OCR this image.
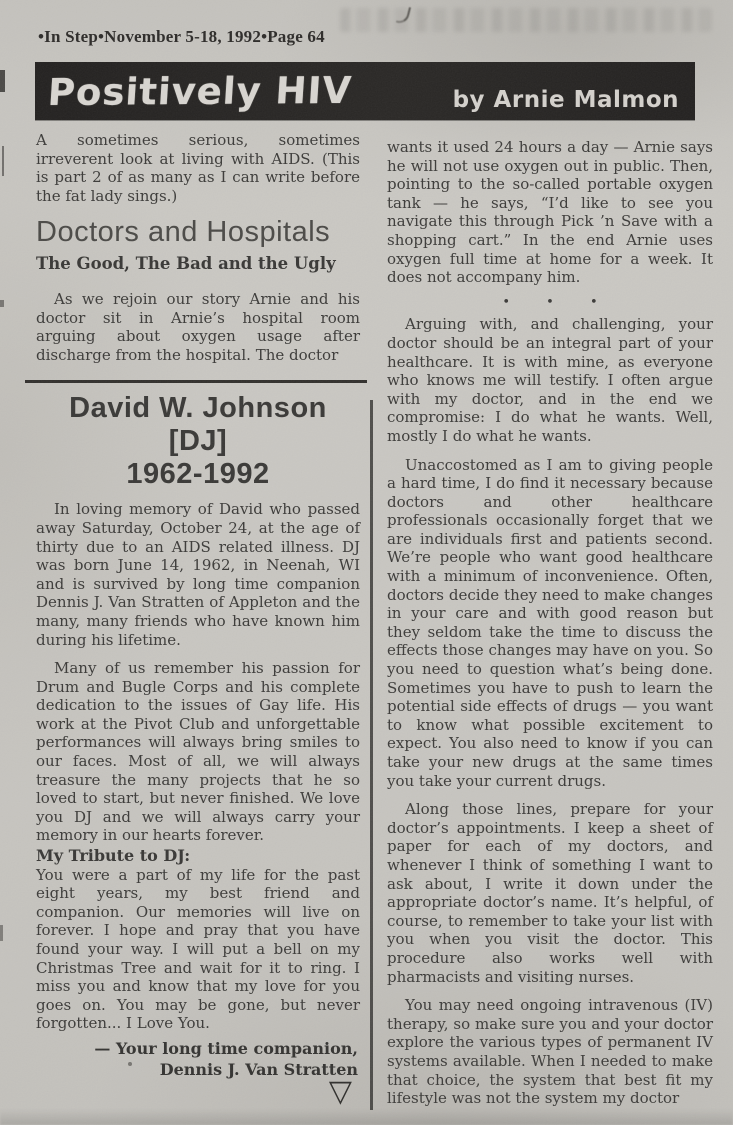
•In Step•November 5-18, 1992•Page 64
Positively HIV	by Arnie Malmon

A sometimes serious, sometimes irreverent look at living with AIDS. (This is part 2 of as many as I can write before the fat lady sings.)

Doctors and Hospitals
The Good, The Bad and the Ugly

As we rejoin our story Arnie and his doctor sit in Arnie’s hospital room arguing about oxygen usage after discharge from the hospital. The doctor

David W. Johnson
[DJ]
1962-1992

In loving memory of David who passed away Saturday, October 24, at the age of thirty due to an AIDS related illness. DJ was born June 14, 1962, in Neenah, WI and is survived by long time companion Dennis J. Van Stratten of Appleton and the many, many friends who have known him during his lifetime.

Many of us remember his passion for Drum and Bugle Corps and his complete dedication to the issues of Gay life. His work at the Pivot Club and unforgettable performances will always bring smiles to our faces. Most of all, we will always treasure the many projects that he so loved to start, but never finished. We love you DJ and we will always carry your memory in our hearts forever.

My Tribute to DJ:

You were a part of my life for the past eight years, my best friend and companion. Our memories will live on forever. I hope and pray that you have found your way. I will put a bell on my Christmas Tree and wait for it to ring. I miss you and know that my love for you goes on. You may be gone, but never forgotten... I Love You.

— Your long time companion,
Dennis J. Van Stratten
▽

wants it used 24 hours a day — Arnie says he will not use oxygen out in public. Then, pointing to the so-called portable oxygen tank — he says, “I’d like to see you navigate this through Pick ’n Save with a shopping cart.” In the end Arnie uses oxygen full time at home for a week. It does not accompany him.

• • •

Arguing with, and challenging, your doctor should be an integral part of your healthcare. It is with mine, as everyone who knows me will testify. I often argue with my doctor, and in the end we compromise: I do what he wants. Well, mostly I do what he wants.

Unaccostomed as I am to giving people a hard time, I do find it necessary because doctors and other healthcare professionals occasionally forget that we are individuals first and patients second. We’re people who want good healthcare with a minimum of inconvenience. Often, doctors decide they need to make changes in your care and with good reason but they seldom take the time to discuss the effects those changes may have on you. So you need to question what’s being done. Sometimes you have to push to learn the potential side effects of drugs — you want to know what possible excitement to expect. You also need to know if you can take your new drugs at the same times you take your current drugs.

Along those lines, prepare for your doctor’s appointments. I keep a sheet of paper for each of my doctors, and whenever I think of something I want to ask about, I write it down under the appropriate doctor’s name. It’s helpful, of course, to remember to take your list with you when you visit the doctor. This procedure also works well with pharmacists and visiting nurses.

You may need ongoing intravenous (IV) therapy, so make sure you and your doctor explore the various types of permanent IV systems available. When I needed to make that choice, the system that best fit my lifestyle was not the system my doctor
